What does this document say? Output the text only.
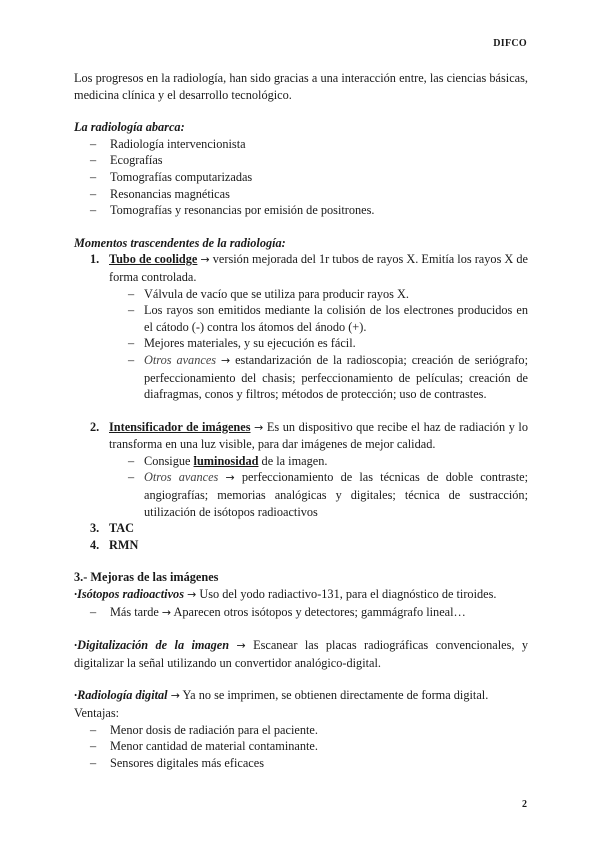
DIFCO

Los progresos en la radiología, han sido gracias a una interacción entre, las ciencias básicas, medicina clínica y el desarrollo tecnológico.

La radiología abarca:

– Radiología intervencionista
– Ecografías
– Tomografías computarizadas
– Resonancias magnéticas
– Tomografías y resonancias por emisión de positrones.

Momentos trascendentes de la radiología:

1. Tubo de coolidge → versión mejorada del 1r tubos de rayos X. Emitía los rayos X de forma controlada.

– Válvula de vacío que se utiliza para producir rayos X.
– Los rayos son emitidos mediante la colisión de los electrones producidos en el cátodo (-) contra los átomos del ánodo (+).
– Mejores materiales, y su ejecución es fácil.
– Otros avances → estandarización de la radioscopia; creación de seriógrafo; perfeccionamiento del chasis; perfeccionamiento de películas; creación de diafragmas, conos y filtros; métodos de protección; uso de contrastes.
2. Intensificador de imágenes → Es un dispositivo que recibe el haz de radiación y lo transforma en una luz visible, para dar imágenes de mejor calidad.

– Consigue luminosidad de la imagen.
– Otros avances → perfeccionamiento de las técnicas de doble contraste; angiografías; memorias analógicas y digitales; técnica de sustracción; utilización de isótopos radioactivos
3. TAC
4. RMN

3.- Mejoras de las imágenes

·Isótopos radioactivos → Uso del yodo radiactivo-131, para el diagnóstico de tiroides.

– Más tarde → Aparecen otros isótopos y detectores; gammágrafo lineal…

·Digitalización de la imagen → Escanear las placas radiográficas convencionales, y digitalizar la señal utilizando un convertidor analógico-digital.

·Radiología digital → Ya no se imprimen, se obtienen directamente de forma digital.

Ventajas:

– Menor dosis de radiación para el paciente.
– Menor cantidad de material contaminante.
– Sensores digitales más eficaces
2
